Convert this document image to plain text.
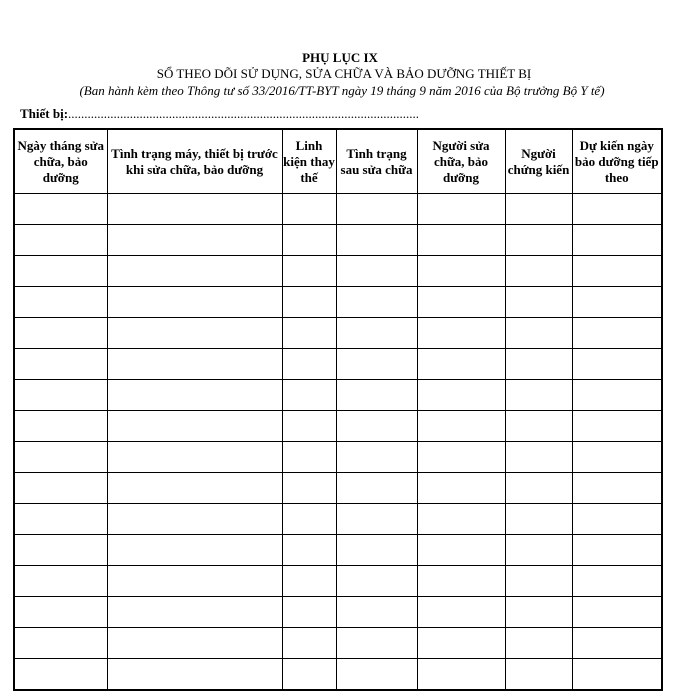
PHỤ LỤC IX
SỔ THEO DÕI SỬ DỤNG, SỬA CHỮA VÀ BẢO DƯỠNG THIẾT BỊ
(Ban hành kèm theo Thông tư số 33/2016/TT-BYT ngày 19 tháng 9 năm 2016 của Bộ trưởng Bộ Y tế)
Thiết bị:............................................................................................................
Ngày tháng sửa chữa, bảo dưỡng	Tình trạng máy, thiết bị trước khi sửa chữa, bảo dưỡng	Linh kiện thay thế	Tình trạng sau sửa chữa	Người sửa chữa, bảo dưỡng	Người chứng kiến	Dự kiến ngày bảo dưỡng tiếp theo
